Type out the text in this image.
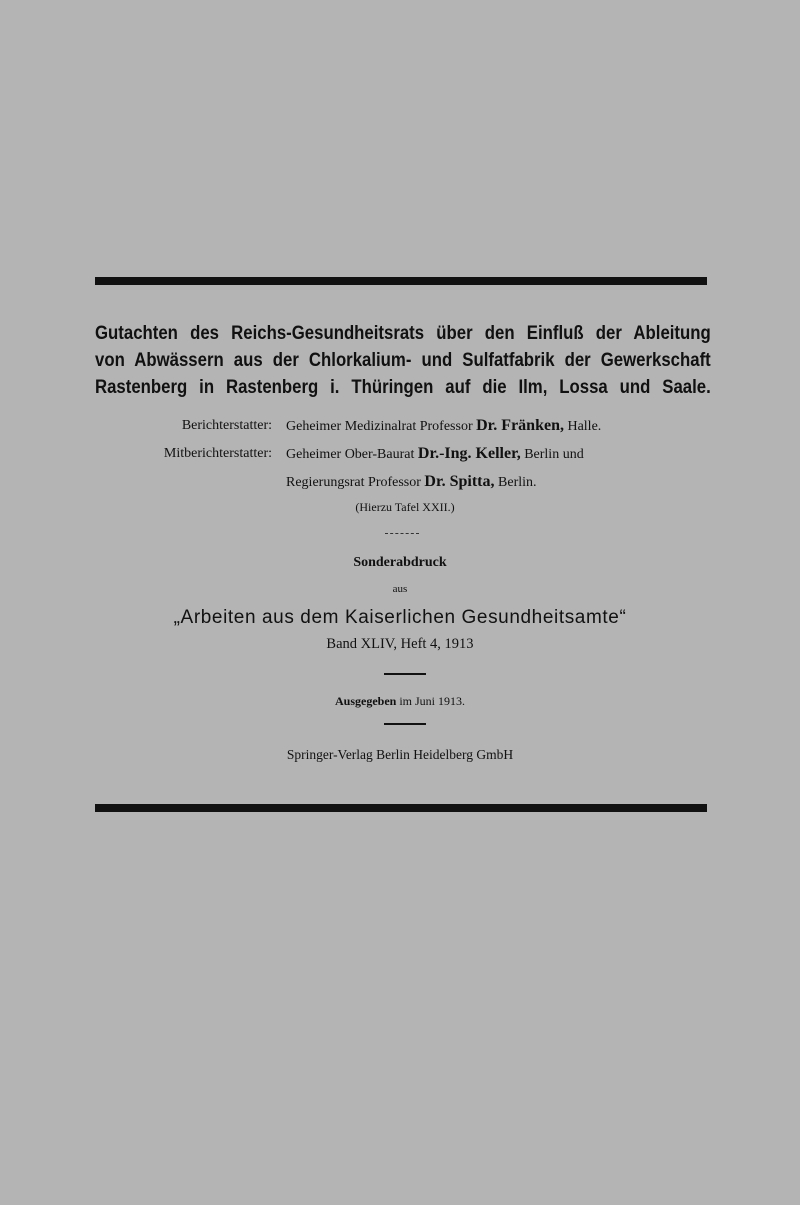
Gutachten des Reichs-Gesundheitsrats über den Einfluß der Ableitung
von Abwässern aus der Chlorkalium- und Sulfatfabrik der Gewerkschaft
Rastenberg in Rastenberg i. Thüringen auf die Ilm, Lossa und Saale.
Berichterstatter: Geheimer Medizinalrat Professor Dr. Fränken, Halle.
Mitberichterstatter: Geheimer Ober-Baurat Dr.-Ing. Keller, Berlin und
Regierungsrat Professor Dr. Spitta, Berlin.
(Hierzu Tafel XXII.)
Sonderabdruck
aus
„Arbeiten aus dem Kaiserlichen Gesundheitsamte“
Band XLIV, Heft 4, 1913
Ausgegeben im Juni 1913.
Springer-Verlag Berlin Heidelberg GmbH
